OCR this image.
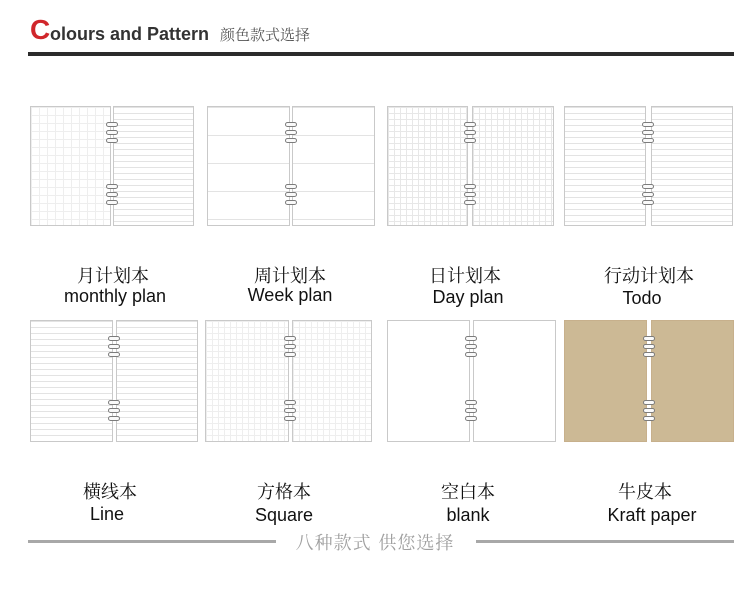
C olours and Pattern 颜色款式选择
月计划本
monthly plan
周计划本
Week plan
日计划本
Day plan
行动计划本
Todo
横线本
Line
方格本
Square
空白本
blank
牛皮本
Kraft paper
八种款式 供您选择
